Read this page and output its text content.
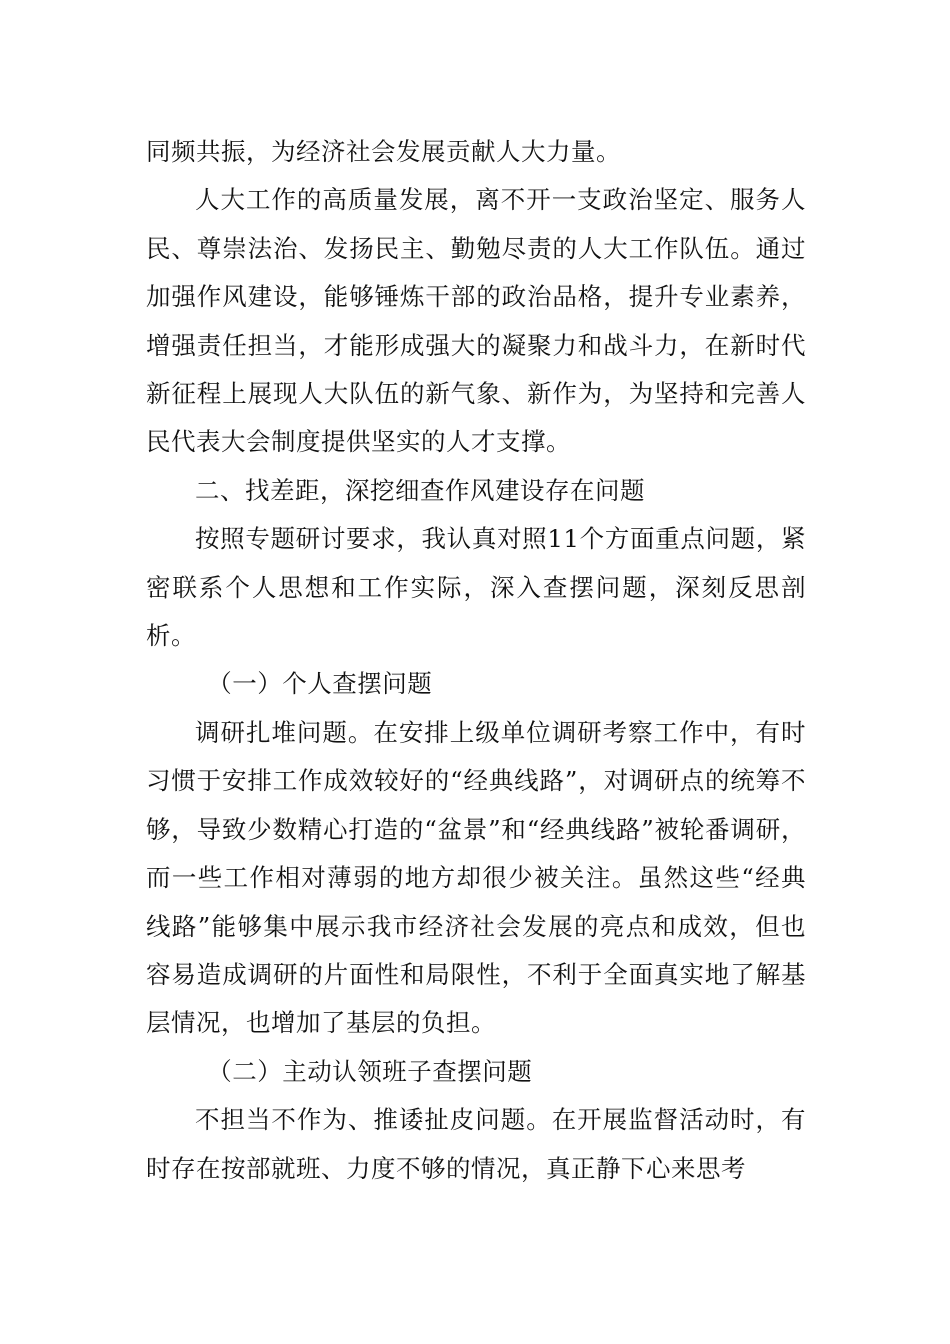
同频共振，为经济社会发展贡献人大力量。

人大工作的高质量发展，离不开一支政治坚定、服务人民、尊崇法治、发扬民主、勤勉尽责的人大工作队伍。通过加强作风建设，能够锤炼干部的政治品格，提升专业素养，增强责任担当，才能形成强大的凝聚力和战斗力，在新时代新征程上展现人大队伍的新气象、新作为，为坚持和完善人民代表大会制度提供坚实的人才支撑。

二、找差距，深挖细查作风建设存在问题

按照专题研讨要求，我认真对照11个方面重点问题，紧密联系个人思想和工作实际，深入查摆问题，深刻反思剖析。

（一）个人查摆问题

调研扎堆问题。在安排上级单位调研考察工作中，有时习惯于安排工作成效较好的“经典线路”，对调研点的统筹不够，导致少数精心打造的“盆景”和“经典线路”被轮番调研，而一些工作相对薄弱的地方却很少被关注。虽然这些“经典线路”能够集中展示我市经济社会发展的亮点和成效，但也容易造成调研的片面性和局限性，不利于全面真实地了解基层情况，也增加了基层的负担。

（二）主动认领班子查摆问题

不担当不作为、推诿扯皮问题。在开展监督活动时，有时存在按部就班、力度不够的情况，真正静下心来思考
